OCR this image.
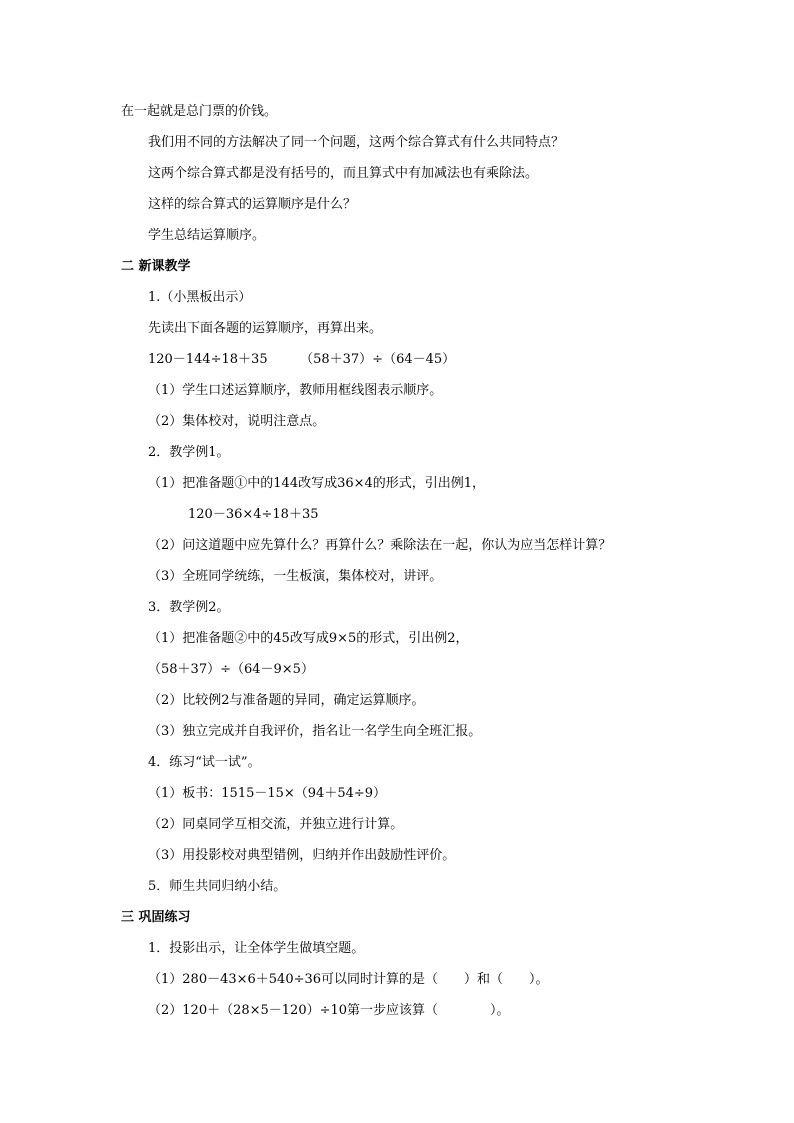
在一起就是总门票的价钱。
我们用不同的方法解决了同一个问题，这两个综合算式有什么共同特点？
这两个综合算式都是没有括号的，而且算式中有加减法也有乘除法。
这样的综合算式的运算顺序是什么？
学生总结运算顺序。
二 新课教学
1.（小黑板出示）
先读出下面各题的运算顺序，再算出来。
120－144÷18＋35　　　（58＋37）÷（64－45）
（1）学生口述运算顺序，教师用框线图表示顺序。
（2）集体校对，说明注意点。
2．教学例1。
（1）把准备题①中的144改写成36×4的形式，引出例1，
120－36×4÷18＋35
（2）问这道题中应先算什么？再算什么？乘除法在一起，你认为应当怎样计算？
（3）全班同学统练，一生板演，集体校对，讲评。
3．教学例2。
（1）把准备题②中的45改写成9×5的形式，引出例2，
（58＋37）÷（64－9×5）
（2）比较例2与准备题的异同，确定运算顺序。
（3）独立完成并自我评价，指名让一名学生向全班汇报。
4．练习“试一试”。
（1）板书：1515－15×（94＋54÷9）
（2）同桌同学互相交流，并独立进行计算。
（3）用投影校对典型错例，归纳并作出鼓励性评价。
5．师生共同归纳小结。
三 巩固练习
1．投影出示，让全体学生做填空题。
（1）280－43×6＋540÷36可以同时计算的是（　　）和（　　）。
（2）120＋（28×5－120）÷10第一步应该算（　　　　）。
